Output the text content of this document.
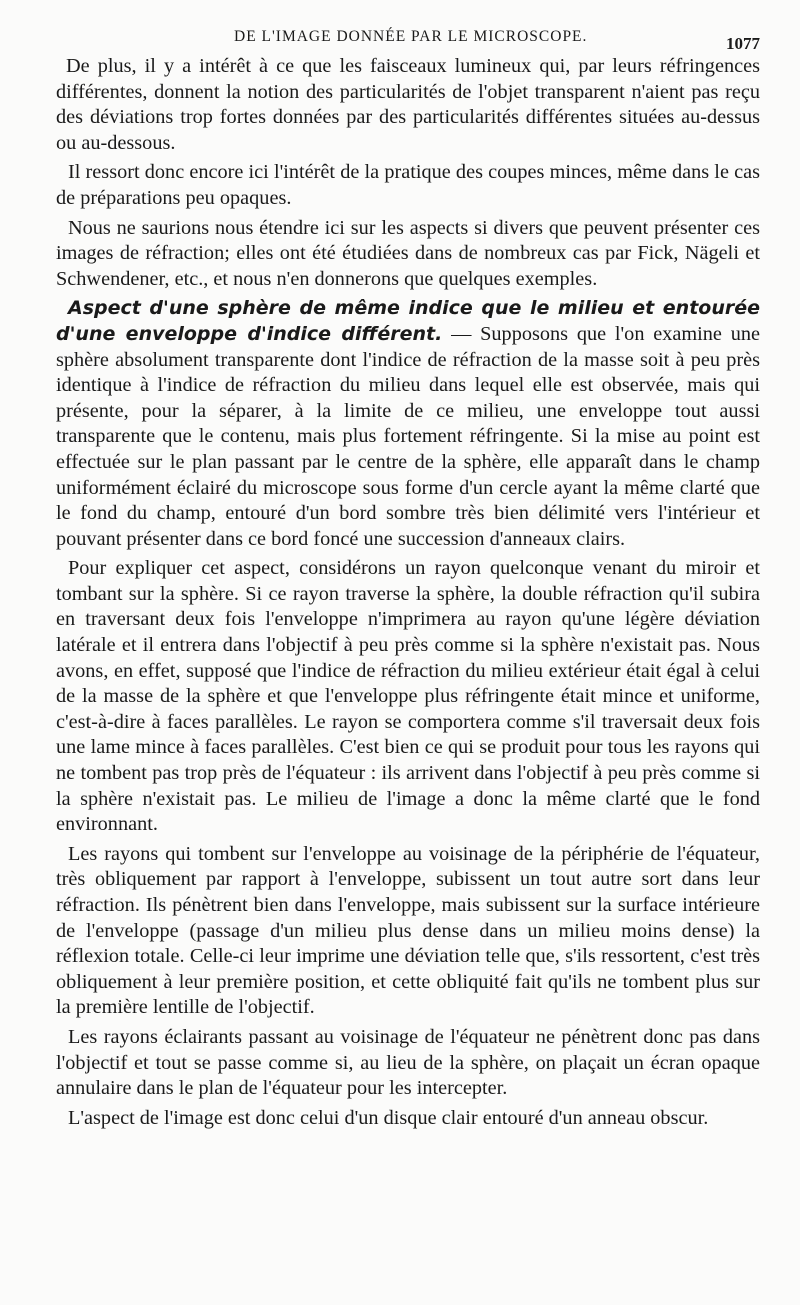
DE L'IMAGE DONNÉE PAR LE MICROSCOPE.	1077

De plus, il y a intérêt à ce que les faisceaux lumineux qui, par leurs réfringences différentes, donnent la notion des particularités de l'objet transparent n'aient pas reçu des déviations trop fortes données par des particularités différentes situées au-dessus ou au-dessous.

Il ressort donc encore ici l'intérêt de la pratique des coupes minces, même dans le cas de préparations peu opaques.

Nous ne saurions nous étendre ici sur les aspects si divers que peuvent présenter ces images de réfraction; elles ont été étudiées dans de nombreux cas par Fick, Nägeli et Schwendener, etc., et nous n'en donnerons que quelques exemples.

Aspect d'une sphère de même indice que le milieu et entourée d'une enveloppe d'indice différent. — Supposons que l'on examine une sphère absolument transparente dont l'indice de réfraction de la masse soit à peu près identique à l'indice de réfraction du milieu dans lequel elle est observée, mais qui présente, pour la séparer, à la limite de ce milieu, une enveloppe tout aussi transparente que le contenu, mais plus fortement réfringente. Si la mise au point est effectuée sur le plan passant par le centre de la sphère, elle apparaît dans le champ uniformément éclairé du microscope sous forme d'un cercle ayant la même clarté que le fond du champ, entouré d'un bord sombre très bien délimité vers l'intérieur et pouvant présenter dans ce bord foncé une succession d'anneaux clairs.

Pour expliquer cet aspect, considérons un rayon quelconque venant du miroir et tombant sur la sphère. Si ce rayon traverse la sphère, la double réfraction qu'il subira en traversant deux fois l'enveloppe n'imprimera au rayon qu'une légère déviation latérale et il entrera dans l'objectif à peu près comme si la sphère n'existait pas. Nous avons, en effet, supposé que l'indice de réfraction du milieu extérieur était égal à celui de la masse de la sphère et que l'enveloppe plus réfringente était mince et uniforme, c'est-à-dire à faces parallèles. Le rayon se comportera comme s'il traversait deux fois une lame mince à faces parallèles. C'est bien ce qui se produit pour tous les rayons qui ne tombent pas trop près de l'équateur : ils arrivent dans l'objectif à peu près comme si la sphère n'existait pas. Le milieu de l'image a donc la même clarté que le fond environnant.

Les rayons qui tombent sur l'enveloppe au voisinage de la périphérie de l'équateur, très obliquement par rapport à l'enveloppe, subissent un tout autre sort dans leur réfraction. Ils pénètrent bien dans l'enveloppe, mais subissent sur la surface intérieure de l'enveloppe (passage d'un milieu plus dense dans un milieu moins dense) la réflexion totale. Celle-ci leur imprime une déviation telle que, s'ils ressortent, c'est très obliquement à leur première position, et cette obliquité fait qu'ils ne tombent plus sur la première lentille de l'objectif.

Les rayons éclairants passant au voisinage de l'équateur ne pénètrent donc pas dans l'objectif et tout se passe comme si, au lieu de la sphère, on plaçait un écran opaque annulaire dans le plan de l'équateur pour les intercepter.

L'aspect de l'image est donc celui d'un disque clair entouré d'un anneau obscur.
